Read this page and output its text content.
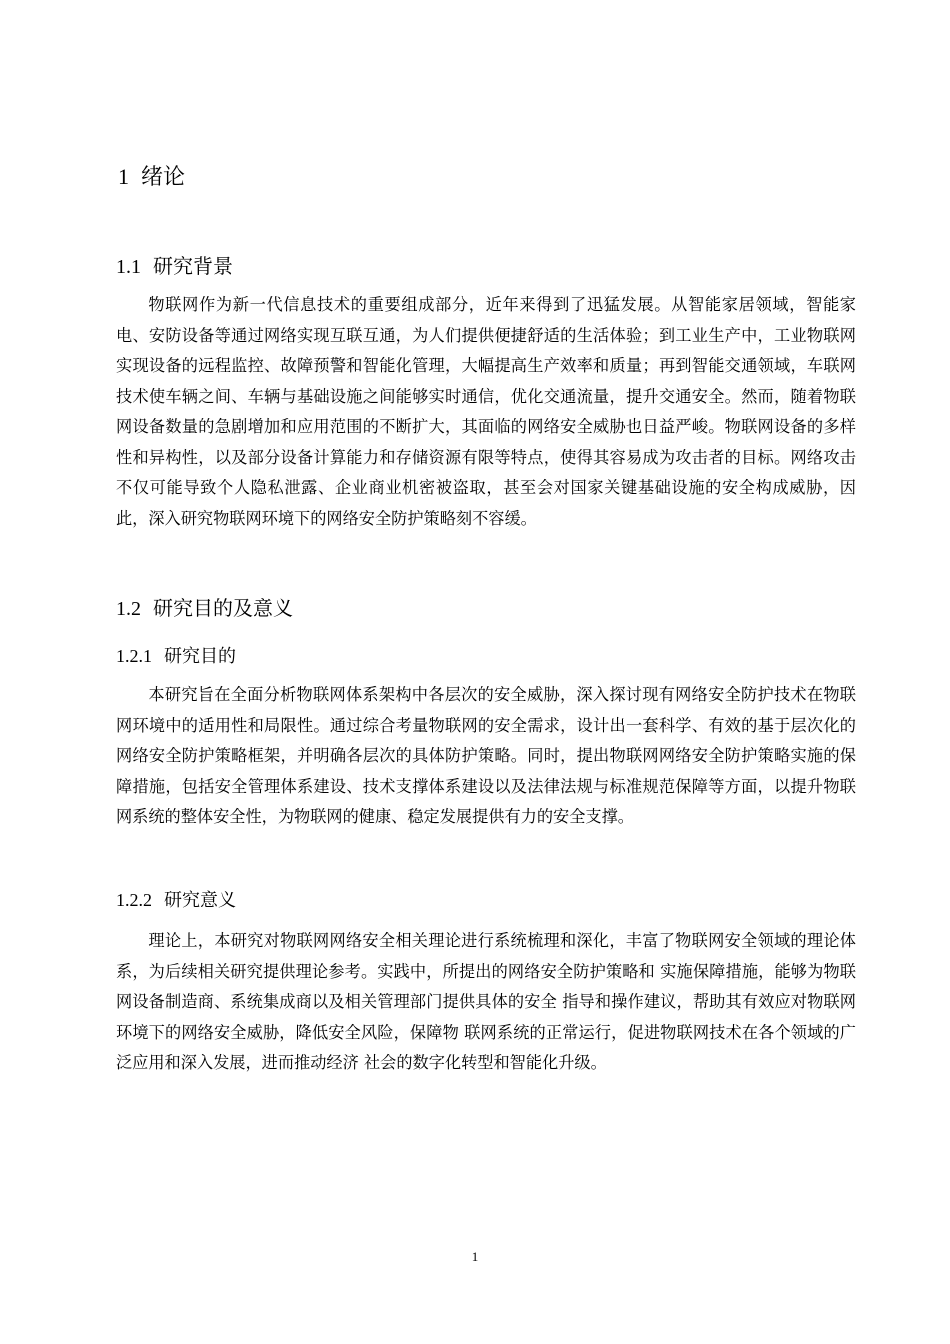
1 绪论
1.1 研究背景

物联网作为新一代信息技术的重要组成部分，近年来得到了迅猛发展。从智能家居领域，智能家电、安防设备等通过网络实现互联互通，为人们提供便捷舒适的生活体验；到工业生产中，工业物联网实现设备的远程监控、故障预警和智能化管理，大幅提高生产效率和质量；再到智能交通领域，车联网技术使车辆之间、车辆与基础设施之间能够实时通信，优化交通流量，提升交通安全。然而，随着物联网设备数量的急剧增加和应用范围的不断扩大，其面临的网络安全威胁也日益严峻。物联网设备的多样性和异构性，以及部分设备计算能力和存储资源有限等特点，使得其容易成为攻击者的目标。网络攻击不仅可能导致个人隐私泄露、企业商业机密被盗取，甚至会对国家关键基础设施的安全构成威胁，因此，深入研究物联网环境下的网络安全防护策略刻不容缓。

1.2 研究目的及意义
1.2.1 研究目的

本研究旨在全面分析物联网体系架构中各层次的安全威胁，深入探讨现有网络安全防护技术在物联网环境中的适用性和局限性。通过综合考量物联网的安全需求，设计出一套科学、有效的基于层次化的网络安全防护策略框架，并明确各层次的具体防护策略。同时，提出物联网网络安全防护策略实施的保障措施，包括安全管理体系建设、技术支撑体系建设以及法律法规与标准规范保障等方面，以提升物联网系统的整体安全性，为物联网的健康、稳定发展提供有力的安全支撑。

1.2.2 研究意义

理论上，本研究对物联网网络安全相关理论进行系统梳理和深化，丰富了物联网安全领域的理论体系，为后续相关研究提供理论参考。实践中，所提出的网络安全防护策略和 实施保障措施，能够为物联网设备制造商、系统集成商以及相关管理部门提供具体的安全 指导和操作建议，帮助其有效应对物联网环境下的网络安全威胁，降低安全风险，保障物 联网系统的正常运行，促进物联网技术在各个领域的广泛应用和深入发展，进而推动经济 社会的数字化转型和智能化升级。

1
